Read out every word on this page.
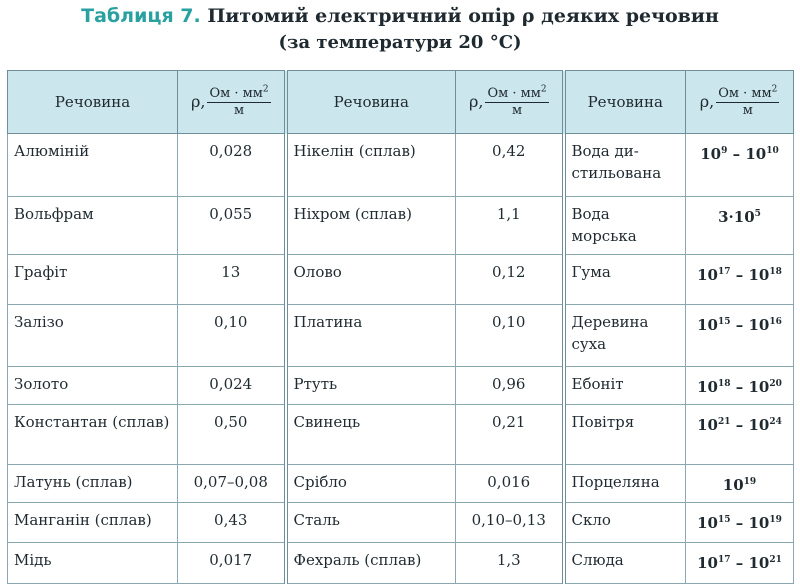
Таблиця 7. Питомий електричний опір ρ деяких речовин
(за температури 20 °С)
Речовина	ρ, $\frac{Ом \cdot мм^2}{м}$	Речовина	ρ, $\frac{Ом \cdot мм^2}{м}$	Речовина	ρ, $\frac{Ом \cdot мм^2}{м}$

Алюміній	0,028	Нікелін (сплав)	0,42	Вода ди-стильована	$10^9 - 10^{10}$
Вольфрам	0,055	Ніхром (сплав)	1,1	Вода морська	$3\cdot 10^5$
Графіт	13	Олово	0,12	Гума	$10^{17} - 10^{18}$
Залізо	0,10	Платина	0,10	Деревина суха	$10^{15} - 10^{16}$
Золото	0,024	Ртуть	0,96	Ебоніт	$10^{18} - 10^{20}$
Константан (сплав)	0,50	Свинець	0,21	Повітря	$10^{21} - 10^{24}$
Латунь (сплав)	0,07–0,08	Срібло	0,016	Порцеляна	$10^{19}$
Манганін (сплав)	0,43	Сталь	0,10–0,13	Скло	$10^{15} - 10^{19}$
Мідь	0,017	Фехраль (сплав)	1,3	Слюда	$10^{17} - 10^{21}$
